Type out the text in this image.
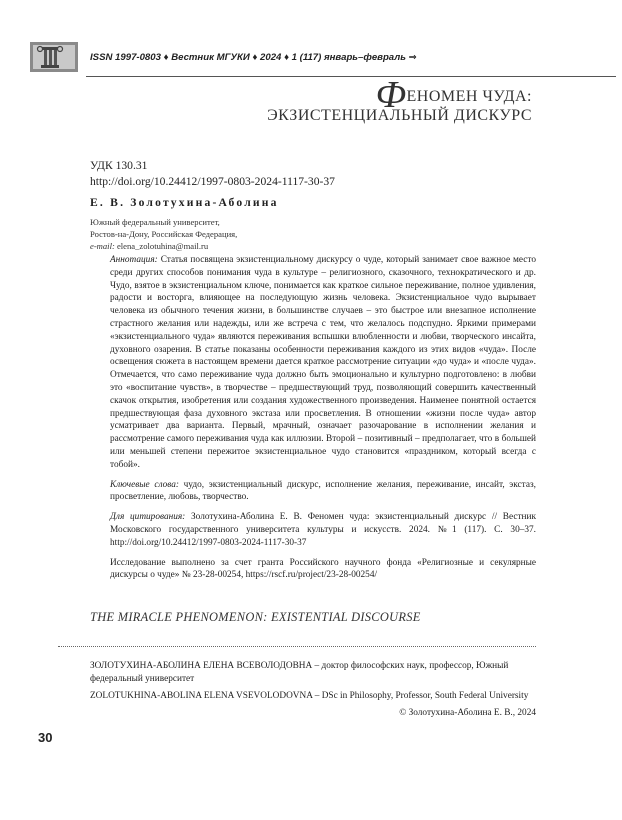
ISSN 1997-0803 ♦ Вестник МГУКИ ♦ 2024 ♦ 1 (117) январь–февраль ⇒
ФЕНОМЕН ЧУДА:
ЭКЗИСТЕНЦИАЛЬНЫЙ ДИСКУРС
УДК 130.31
http://doi.org/10.24412/1997-0803-2024-1117-30-37
Е. В. Золотухина-Аболина
Южный федеральный университет,
Ростов-на-Дону, Российская Федерация,
e-mail: elena_zolotuhina@mail.ru

Аннотация: Статья посвящена экзистенциальному дискурсу о чуде, который занимает свое важное место среди других способов понимания чуда в культуре – религиозного, сказочного, технократического и др. Чудо, взятое в экзистенциальном ключе, понимается как краткое сильное переживание, полное удивления, радости и восторга, влияющее на последующую жизнь человека. Экзистенциальное чудо вырывает человека из обычного течения жизни, в большинстве случаев – это быстрое или внезапное исполнение страстного желания или надежды, или же встреча с тем, что желалось подспудно. Яркими примерами «экзистенциального чуда» являются переживания вспышки влюбленности и любви, творческого инсайта, духовного озарения. В статье показаны особенности переживания каждого из этих видов «чуда». После освещения сюжета в настоящем времени дается краткое рассмотрение ситуации «до чуда» и «после чуда». Отмечается, что само переживание чуда должно быть эмоционально и культурно подготовлено: в любви это «воспитание чувств», в творчестве – предшествующий труд, позволяющий совершить качественный скачок открытия, изобретения или создания художественного произведения. Наименее понятной остается предшествующая фаза духовного экстаза или просветления. В отношении «жизни после чуда» автор усматривает два варианта. Первый, мрачный, означает разочарование в исполнении желания и рассмотрение самого переживания чуда как иллюзии. Второй – позитивный – предполагает, что в большей или меньшей степени пережитое экзистенциальное чудо становится «праздником, который всегда с тобой».

Ключевые слова: чудо, экзистенциальный дискурс, исполнение желания, переживание, инсайт, экстаз, просветление, любовь, творчество.

Для цитирования: Золотухина-Аболина Е. В. Феномен чуда: экзистенциальный дискурс // Вестник Московского государственного университета культуры и искусств. 2024. №1 (117). С. 30–37. http://doi.org/10.24412/1997-0803-2024-1117-30-37

Исследование выполнено за счет гранта Российского научного фонда «Религиозные и секулярные дискурсы о чуде» № 23-28-00254, https://rscf.ru/project/23-28-00254/

THE MIRACLE PHENOMENON: EXISTENTIAL DISCOURSE

ЗОЛОТУХИНА-АБОЛИНА ЕЛЕНА ВСЕВОЛОДОВНА – доктор философских наук, профессор, Южный федеральный университет

ZOLOTUKHINA-ABOLINA ELENA VSEVOLODOVNA – DSc in Philosophy, Professor, South Federal University

© Золотухина-Аболина Е. В., 2024

30
